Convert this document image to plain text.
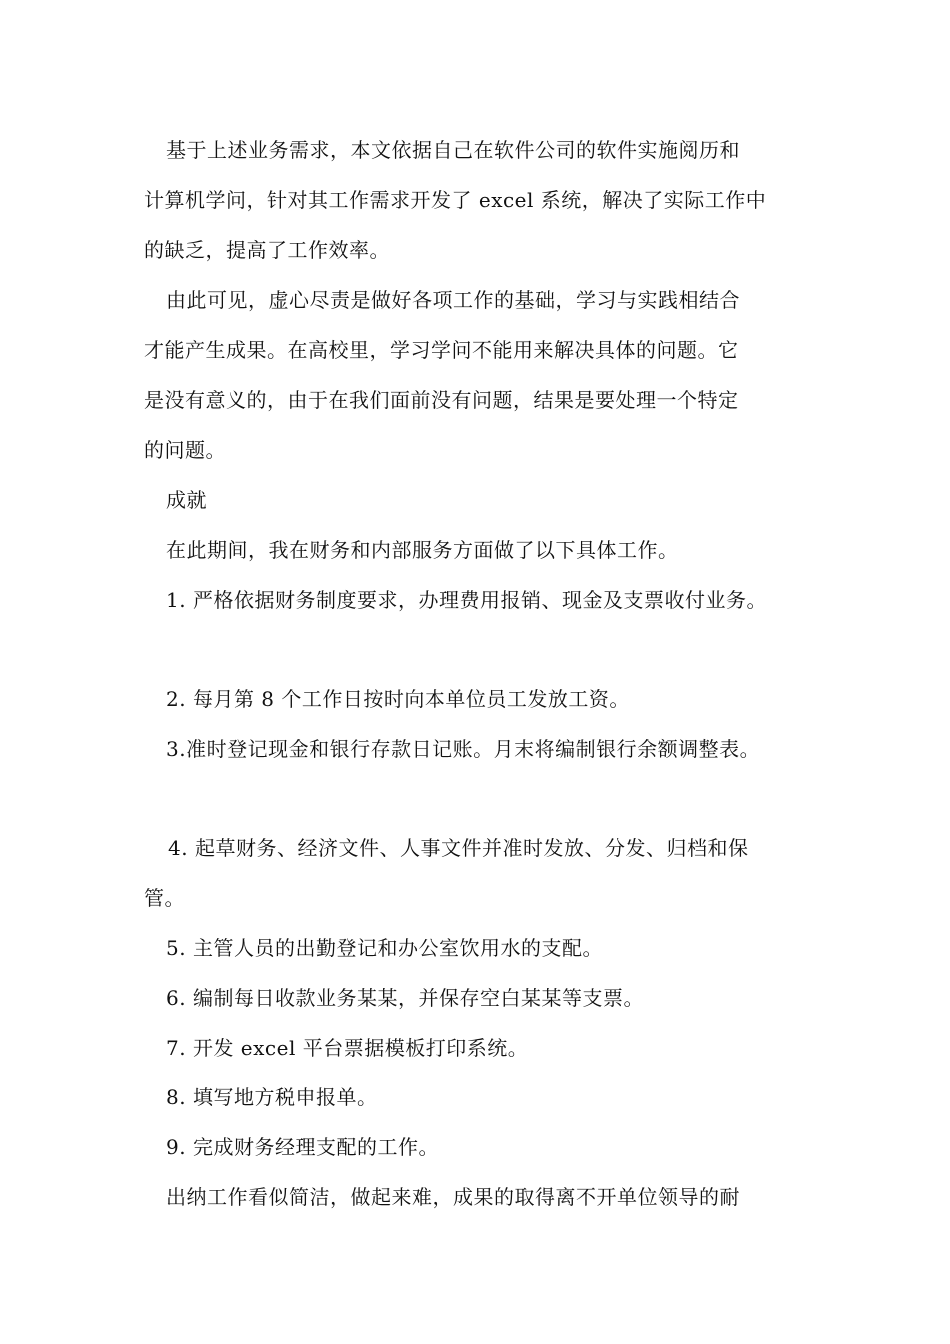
基于上述业务需求，本文依据自己在软件公司的软件实施阅历和
计算机学问，针对其工作需求开发了 excel 系统，解决了实际工作中
的缺乏，提高了工作效率。
由此可见，虚心尽责是做好各项工作的基础，学习与实践相结合
才能产生成果。在高校里，学习学问不能用来解决具体的问题。它
是没有意义的，由于在我们面前没有问题，结果是要处理一个特定
的问题。
成就
在此期间，我在财务和内部服务方面做了以下具体工作。
1. 严格依据财务制度要求，办理费用报销、现金及支票收付业务。
2. 每月第 8 个工作日按时向本单位员工发放工资。
3.准时登记现金和银行存款日记账。月末将编制银行余额调整表。
4. 起草财务、经济文件、人事文件并准时发放、分发、归档和保
管。
5. 主管人员的出勤登记和办公室饮用水的支配。
6. 编制每日收款业务某某，并保存空白某某等支票。
7. 开发 excel 平台票据模板打印系统。
8. 填写地方税申报单。
9. 完成财务经理支配的工作。
出纳工作看似简洁，做起来难，成果的取得离不开单位领导的耐
